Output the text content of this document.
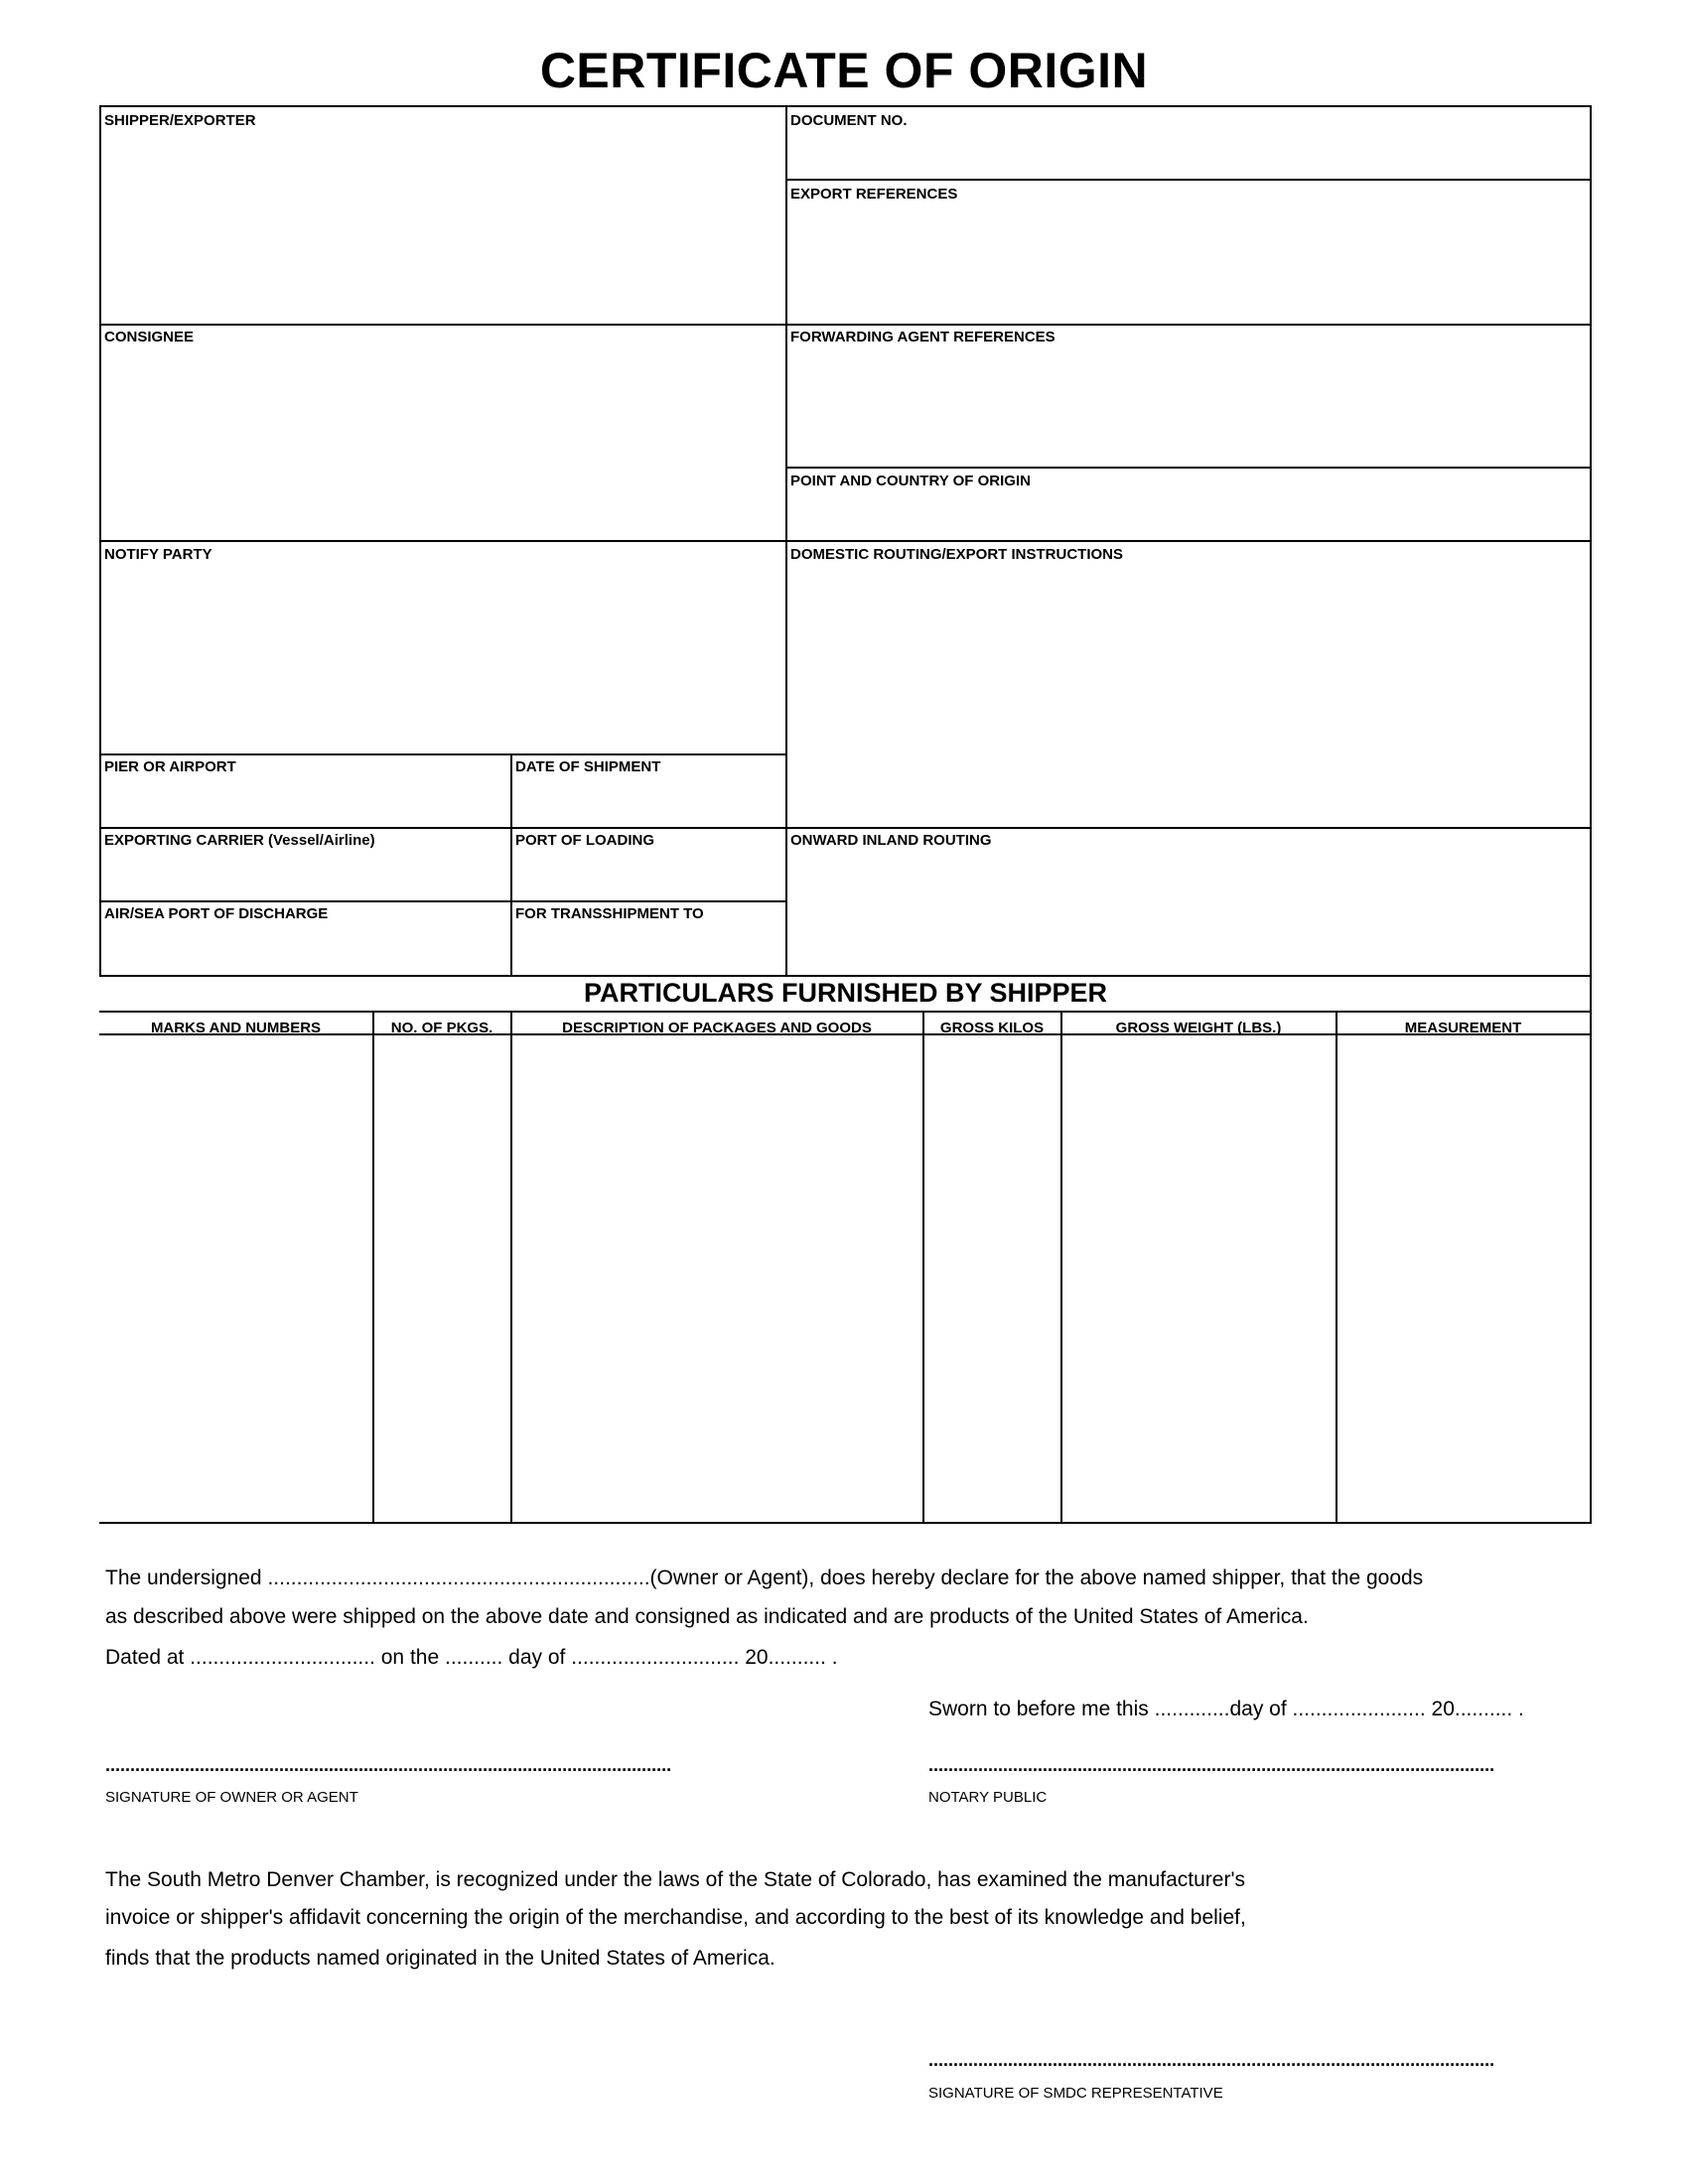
CERTIFICATE OF ORIGIN
SHIPPER/EXPORTER	DOCUMENT NO.
EXPORT REFERENCES
CONSIGNEE	FORWARDING AGENT REFERENCES
POINT AND COUNTRY OF ORIGIN
NOTIFY PARTY	DOMESTIC ROUTING/EXPORT INSTRUCTIONS
PIER OR AIRPORT	DATE OF SHIPMENT
EXPORTING CARRIER (Vessel/Airline)	PORT OF LOADING	ONWARD INLAND ROUTING
AIR/SEA PORT OF DISCHARGE	FOR TRANSSHIPMENT TO
PARTICULARS FURNISHED BY SHIPPER
MARKS AND NUMBERS	NO. OF PKGS.	DESCRIPTION OF PACKAGES AND GOODS	GROSS KILOS	GROSS WEIGHT (LBS.)	MEASUREMENT
The undersigned ..................................................................(Owner or Agent), does hereby declare for the above named shipper, that the goods
as described above were shipped on the above date and consigned as indicated and are products of the United States of America.
Dated at ................................ on the .......... day of ............................. 20.......... .
Sworn to before me this .............day of ....................... 20.......... .
..................................................................................................................
SIGNATURE OF OWNER OR AGENT
..................................................................................................................
NOTARY PUBLIC
The South Metro Denver Chamber, is recognized under the laws of the State of Colorado, has examined the manufacturer's
invoice or shipper's affidavit concerning the origin of the merchandise, and according to the best of its knowledge and belief,
finds that the products named originated in the United States of America.
..................................................................................................................
SIGNATURE OF SMDC REPRESENTATIVE
